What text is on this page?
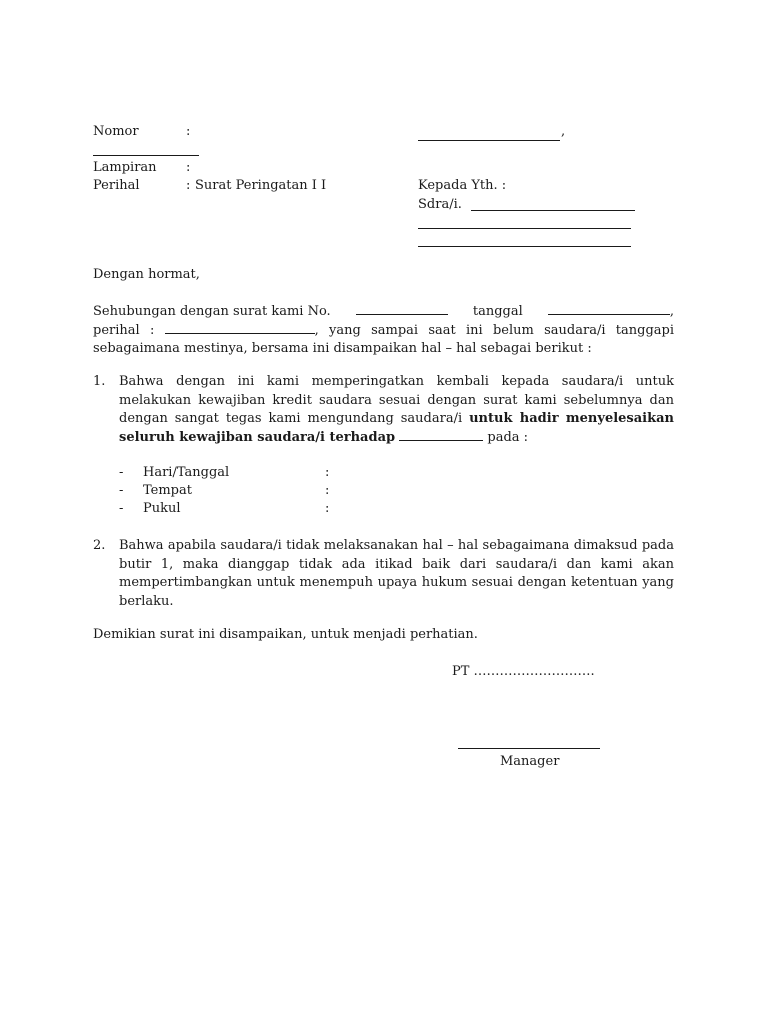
Nomor	:	,
Lampiran :
Perihal	: Surat Peringatan I I	Kepada Yth. :
Sdra/i.
Dengan hormat,
Sehubungan dengan surat kami No.	tanggal	,
perihal :	, yang sampai saat ini belum saudara/i tanggapi sebagaimana mestinya, bersama ini disampaikan hal – hal sebagai berikut :
1. Bahwa dengan ini kami memperingatkan kembali kepada saudara/i untuk melakukan kewajiban kredit saudara sesuai dengan surat kami sebelumnya dan dengan sangat tegas kami mengundang saudara/i untuk hadir menyelesaikan seluruh kewajiban saudara/i terhadap	pada :
- Hari/Tanggal	:
- Tempat	:
- Pukul	:
2. Bahwa apabila saudara/i tidak melaksanakan hal – hal sebagaimana dimaksud pada butir 1, maka dianggap tidak ada itikad baik dari saudara/i dan kami akan mempertimbangkan untuk menempuh upaya hukum sesuai dengan ketentuan yang berlaku.
Demikian surat ini disampaikan, untuk menjadi perhatian.
PT ……………………….
Manager
